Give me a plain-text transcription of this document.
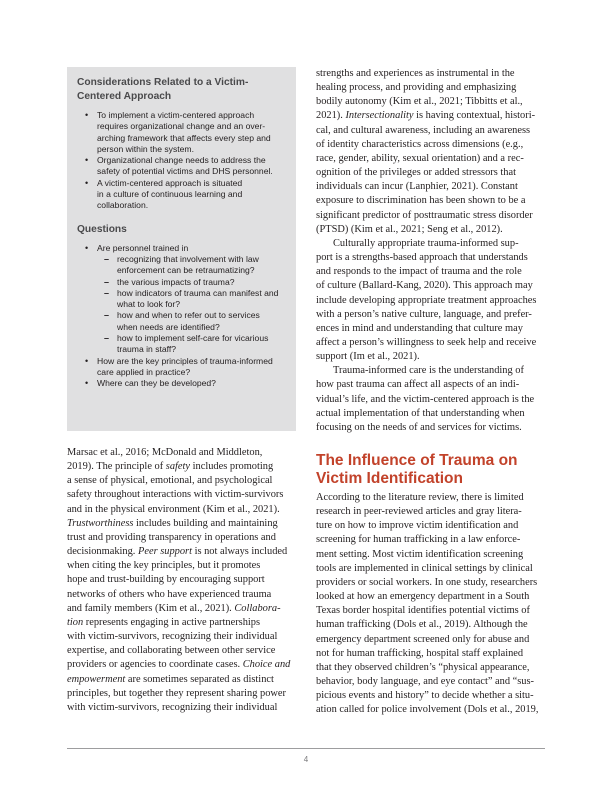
Considerations Related to a Victim-
Centered Approach
• To implement a victim-centered approach
requires organizational change and an over-
arching framework that affects every step and
person within the system.
• Organizational change needs to address the
safety of potential victims and DHS personnel.
• A victim-centered approach is situated
in a culture of continuous learning and
collaboration.
Questions
• Are personnel trained in
– recognizing that involvement with law
enforcement can be retraumatizing?
– the various impacts of trauma?
– how indicators of trauma can manifest and
what to look for?
– how and when to refer out to services
when needs are identified?
– how to implement self-care for vicarious
trauma in staff?
• How are the key principles of trauma-informed
care applied in practice?
• Where can they be developed?

Marsac et al., 2016; McDonald and Middleton,
2019). The principle of safety includes promoting
a sense of physical, emotional, and psychological
safety throughout interactions with victim-survivors
and in the physical environment (Kim et al., 2021).
Trustworthiness includes building and maintaining
trust and providing transparency in operations and
decisionmaking. Peer support is not always included
when citing the key principles, but it promotes
hope and trust-building by encouraging support
networks of others who have experienced trauma
and family members (Kim et al., 2021). Collabora-
tion represents engaging in active partnerships
with victim-survivors, recognizing their individual
expertise, and collaborating between other service
providers or agencies to coordinate cases. Choice and
empowerment are sometimes separated as distinct
principles, but together they represent sharing power
with victim-survivors, recognizing their individual

strengths and experiences as instrumental in the
healing process, and providing and emphasizing
bodily autonomy (Kim et al., 2021; Tibbitts et al.,
2021). Intersectionality is having contextual, histori-
cal, and cultural awareness, including an awareness
of identity characteristics across dimensions (e.g.,
race, gender, ability, sexual orientation) and a rec-
ognition of the privileges or added stressors that
individuals can incur (Lanphier, 2021). Constant
exposure to discrimination has been shown to be a
significant predictor of posttraumatic stress disorder
(PTSD) (Kim et al., 2021; Seng et al., 2012).

Culturally appropriate trauma-informed sup-
port is a strengths-based approach that understands
and responds to the impact of trauma and the role
of culture (Ballard-Kang, 2020). This approach may
include developing appropriate treatment approaches
with a person’s native culture, language, and prefer-
ences in mind and understanding that culture may
affect a person’s willingness to seek help and receive
support (Im et al., 2021).

Trauma-informed care is the understanding of
how past trauma can affect all aspects of an indi-
vidual’s life, and the victim-centered approach is the
actual implementation of that understanding when
focusing on the needs of and services for victims.

The Influence of Trauma on
Victim Identification

According to the literature review, there is limited
research in peer-reviewed articles and gray litera-
ture on how to improve victim identification and
screening for human trafficking in a law enforce-
ment setting. Most victim identification screening
tools are implemented in clinical settings by clinical
providers or social workers. In one study, researchers
looked at how an emergency department in a South
Texas border hospital identifies potential victims of
human trafficking (Dols et al., 2019). Although the
emergency department screened only for abuse and
not for human trafficking, hospital staff explained
that they observed children’s “physical appearance,
behavior, body language, and eye contact” and “sus-
picious events and history” to decide whether a situ-
ation called for police involvement (Dols et al., 2019,

4
